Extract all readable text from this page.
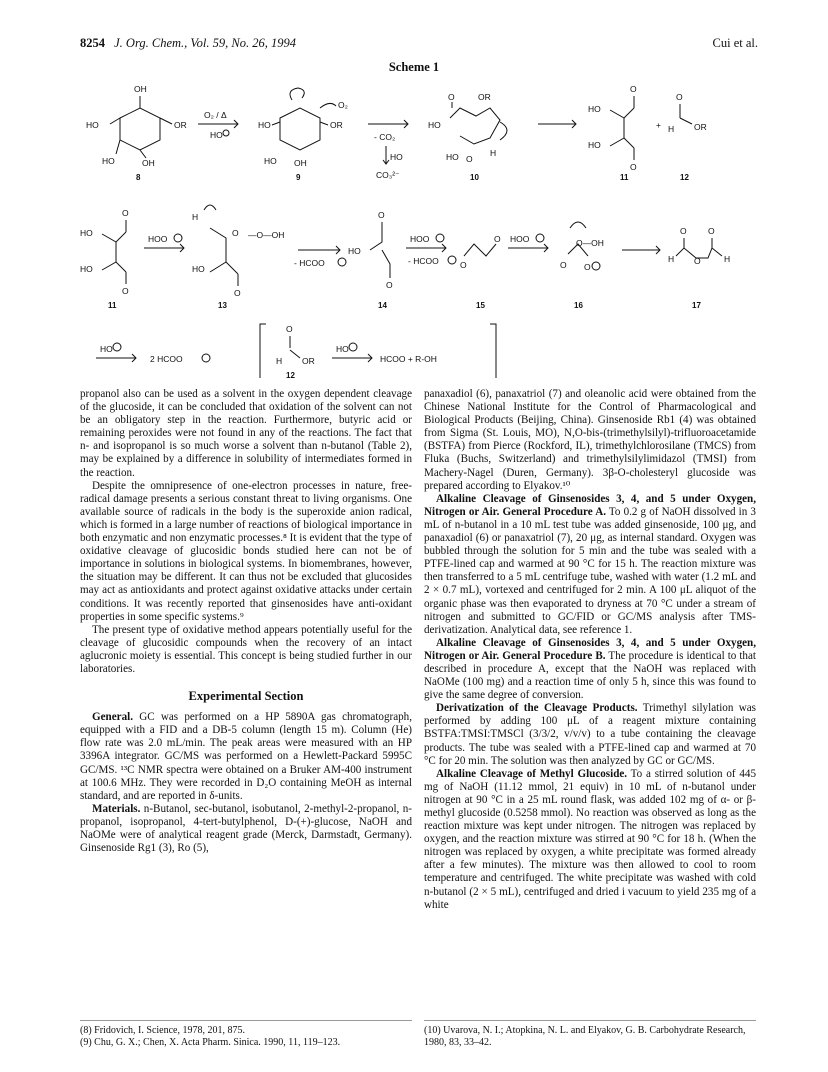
8254 J. Org. Chem., Vol. 59, No. 26, 1994	Cui et al.
Scheme 1
OH
HO	OR
HO	OH
8
O₂ / Δ
HO
HO	OR
O₂
HO OH
9
- CO₂
HO
CO₃²⁻
O	OR
HO
HO O
H
10
HO
O
O
HO
11
+
O
OR
H
12
HO
O
O
HO
11
HOO
H
O —O—OH
HO
O
13
- HCOO
HO
O
O
14
HOO
- HCOO	O
O
15
HOO	O—OH
O O
16
O	O
H O	H
17
HO
2 HCOO
O
H OR
12
HO
HCOO + R-OH

propanol also can be used as a solvent in the oxygen dependent cleavage of the glucoside, it can be concluded that oxidation of the solvent can not be an obligatory step in the reaction. Furthermore, butyric acid or remaining peroxides were not found in any of the reactions. The fact that n- and isopropanol is so much worse a solvent than n-butanol (Table 2), may be explained by a difference in solubility of intermediates formed in the reaction.

Despite the omnipresence of one-electron processes in nature, free-radical damage presents a serious constant threat to living organisms. One available source of radicals in the body is the superoxide anion radical, which is formed in a large number of reactions of biological importance in both enzymatic and non enzymatic processes.⁸ It is evident that the type of oxidative cleavage of glucosidic bonds studied here can not be of importance in solutions in biological systems. In biomembranes, however, the situation may be different. It can thus not be excluded that glucosides may act as antioxidants and protect against oxidative attacks under certain conditions. It was recently reported that ginsenosides have anti-oxidant properties in some specific systems.⁹

The present type of oxidative method appears potentially useful for the cleavage of glucosidic compounds when the recovery of an intact aglucronic moiety is essential. This concept is being studied further in our laboratories.

Experimental Section

General. GC was performed on a HP 5890A gas chromatograph, equipped with a FID and a DB-5 column (length 15 m). Column (He) flow rate was 2.0 mL/min. The peak areas were measured with an HP 3396A integrator. GC/MS was performed on a Hewlett-Packard 5995C GC/MS. ¹³C NMR spectra were obtained on a Bruker AM-400 instrument at 100.6 MHz. They were recorded in D₂O containing MeOH as internal standard, and are reported in δ-units.

Materials. n-Butanol, sec-butanol, isobutanol, 2-methyl-2-propanol, n-propanol, isopropanol, 4-tert-butylphenol, D-(+)-glucose, NaOH and NaOMe were of analytical reagent grade (Merck, Darmstadt, Germany). Ginsenoside Rg1 (3), Ro (5),

panaxadiol (6), panaxatriol (7) and oleanolic acid were obtained from the Chinese National Institute for the Control of Pharmacological and Biological Products (Beijing, China). Ginsenoside Rb1 (4) was obtained from Sigma (St. Louis, MO), N,O-bis-(trimethylsilyl)-trifluoroacetamide (BSTFA) from Pierce (Rockford, IL), trimethylchlorosilane (TMCS) from Fluka (Buchs, Switzerland) and trimethylsilylimidazol (TMSI) from Machery-Nagel (Duren, Germany). 3β-O-cholesteryl glucoside was prepared according to Elyakov.¹⁰

Alkaline Cleavage of Ginsenosides 3, 4, and 5 under Oxygen, Nitrogen or Air. General Procedure A. To 0.2 g of NaOH dissolved in 3 mL of n-butanol in a 10 mL test tube was added ginsenoside, 100 μg, and panaxadiol (6) or panaxatriol (7), 20 μg, as internal standard. Oxygen was bubbled through the solution for 5 min and the tube was sealed with a PTFE-lined cap and warmed at 90 °C for 15 h. The reaction mixture was then transferred to a 5 mL centrifuge tube, washed with water (1.2 mL and 2 × 0.7 mL), vortexed and centrifuged for 2 min. A 100 μL aliquot of the organic phase was then evaporated to dryness at 70 °C under a stream of nitrogen and submitted to GC/FID or GC/MS analysis after TMS-derivatization. Analytical data, see reference 1.

Alkaline Cleavage of Ginsenosides 3, 4, and 5 under Oxygen, Nitrogen or Air. General Procedure B. The procedure is identical to that described in procedure A, except that the NaOH was replaced with NaOMe (100 mg) and a reaction time of only 5 h, since this was found to give the same degree of conversion.

Derivatization of the Cleavage Products. Trimethyl silylation was performed by adding 100 μL of a reagent mixture containing BSTFA:TMSI:TMSCl (3/3/2, v/v/v) to a tube containing the cleavage products. The tube was sealed with a PTFE-lined cap and warmed at 70 °C for 20 min. The solution was then analyzed by GC or GC/MS.

Alkaline Cleavage of Methyl Glucoside. To a stirred solution of 445 mg of NaOH (11.12 mmol, 21 equiv) in 10 mL of n-butanol under nitrogen at 90 °C in a 25 mL round flask, was added 102 mg of α- or β-methyl glucoside (0.5258 mmol). No reaction was observed as long as the reaction mixture was kept under nitrogen. The nitrogen was replaced by oxygen, and the reaction mixture was stirred at 90 °C for 18 h. (When the nitrogen was replaced by oxygen, a white precipitate was formed already after a few minutes). The mixture was then allowed to cool to room temperature and centrifuged. The white precipitate was washed with cold n-butanol (2 × 5 mL), centrifuged and dried i vacuum to yield 235 mg of a white

(8) Fridovich, I. Science, 1978, 201, 875.
(9) Chu, G. X.; Chen, X. Acta Pharm. Sinica. 1990, 11, 119–123.
(10) Uvarova, N. I.; Atopkina, N. L. and Elyakov, G. B. Carbohydrate Research, 1980, 83, 33–42.
